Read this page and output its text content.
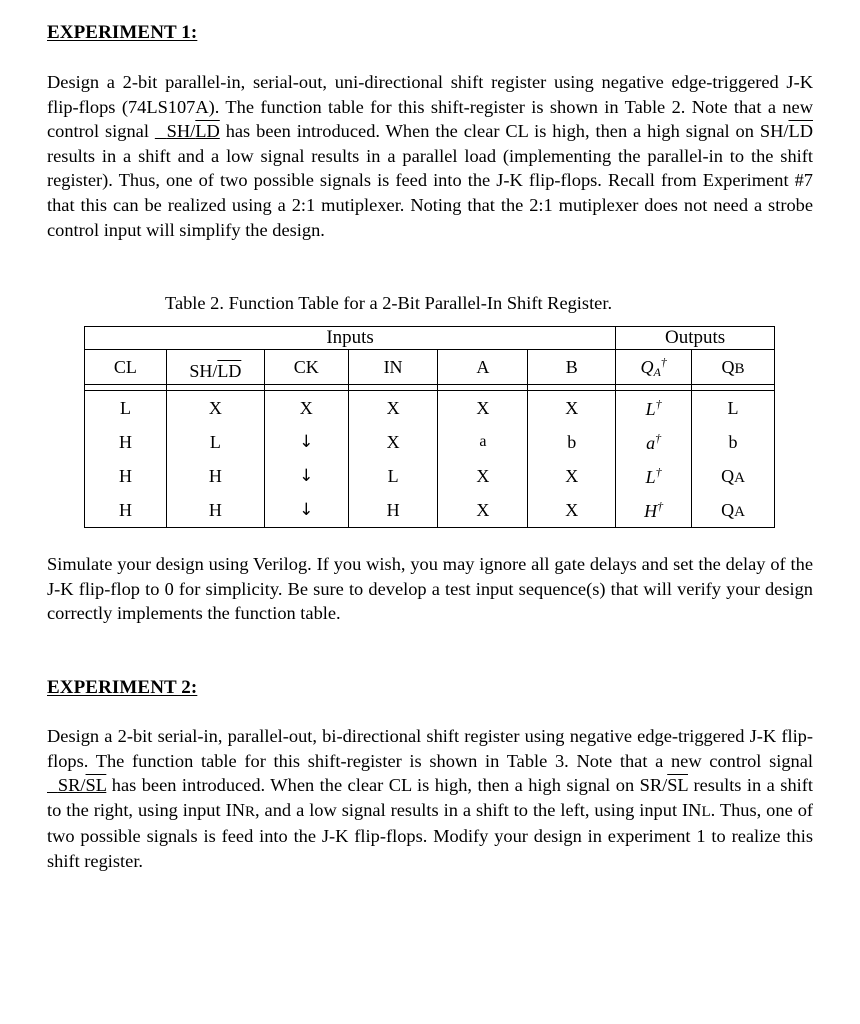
EXPERIMENT 1:
Design a 2-bit parallel-in, serial-out, uni-directional shift register using negative edge-triggered J-K flip-flops (74LS107A). The function table for this shift-register is shown in Table 2. Note that a new control signal   SH/LD has been introduced. When the clear CL is high, then a high signal on $SH/\overline{LD}$ results in a shift and a low signal results in a parallel load (implementing the parallel-in to the shift register). Thus, one of two possible signals is feed into the J-K flip-flops. Recall from Experiment #7 that this can be realized using a 2:1 mutiplexer. Noting that the 2:1 mutiplexer does not need a strobe control input will simplify the design.
Table 2. Function Table for a 2-Bit Parallel-In Shift Register.
Inputs						Outputs	
CL	$SH/\overline{LD}$	CK	IN	A	B	QA†	QB

L	X	X	X	X	X	L†	L
H	L	↓	X	a	b	a†	b
H	H	↓	L	X	X	L†	QA
H	H	↓	H	X	X	H†	QA
Simulate your design using Verilog. If you wish, you may ignore all gate delays and set the delay of the J-K flip-flop to 0 for simplicity. Be sure to develop a test input sequence(s) that will verify your design correctly implements the function table.
EXPERIMENT 2:
Design a 2-bit serial-in, parallel-out, bi-directional shift register using negative edge-triggered J-K flip-flops. The function table for this shift-register is shown in Table 3. Note that a new control signal   SR/SL has been introduced. When the clear CL is high, then a high signal on $SR/\overline{SL}$ results in a shift to the right, using input INR, and a low signal results in a shift to the left, using input INL. Thus, one of two possible signals is feed into the J-K flip-flops. Modify your design in experiment 1 to realize this shift register.
